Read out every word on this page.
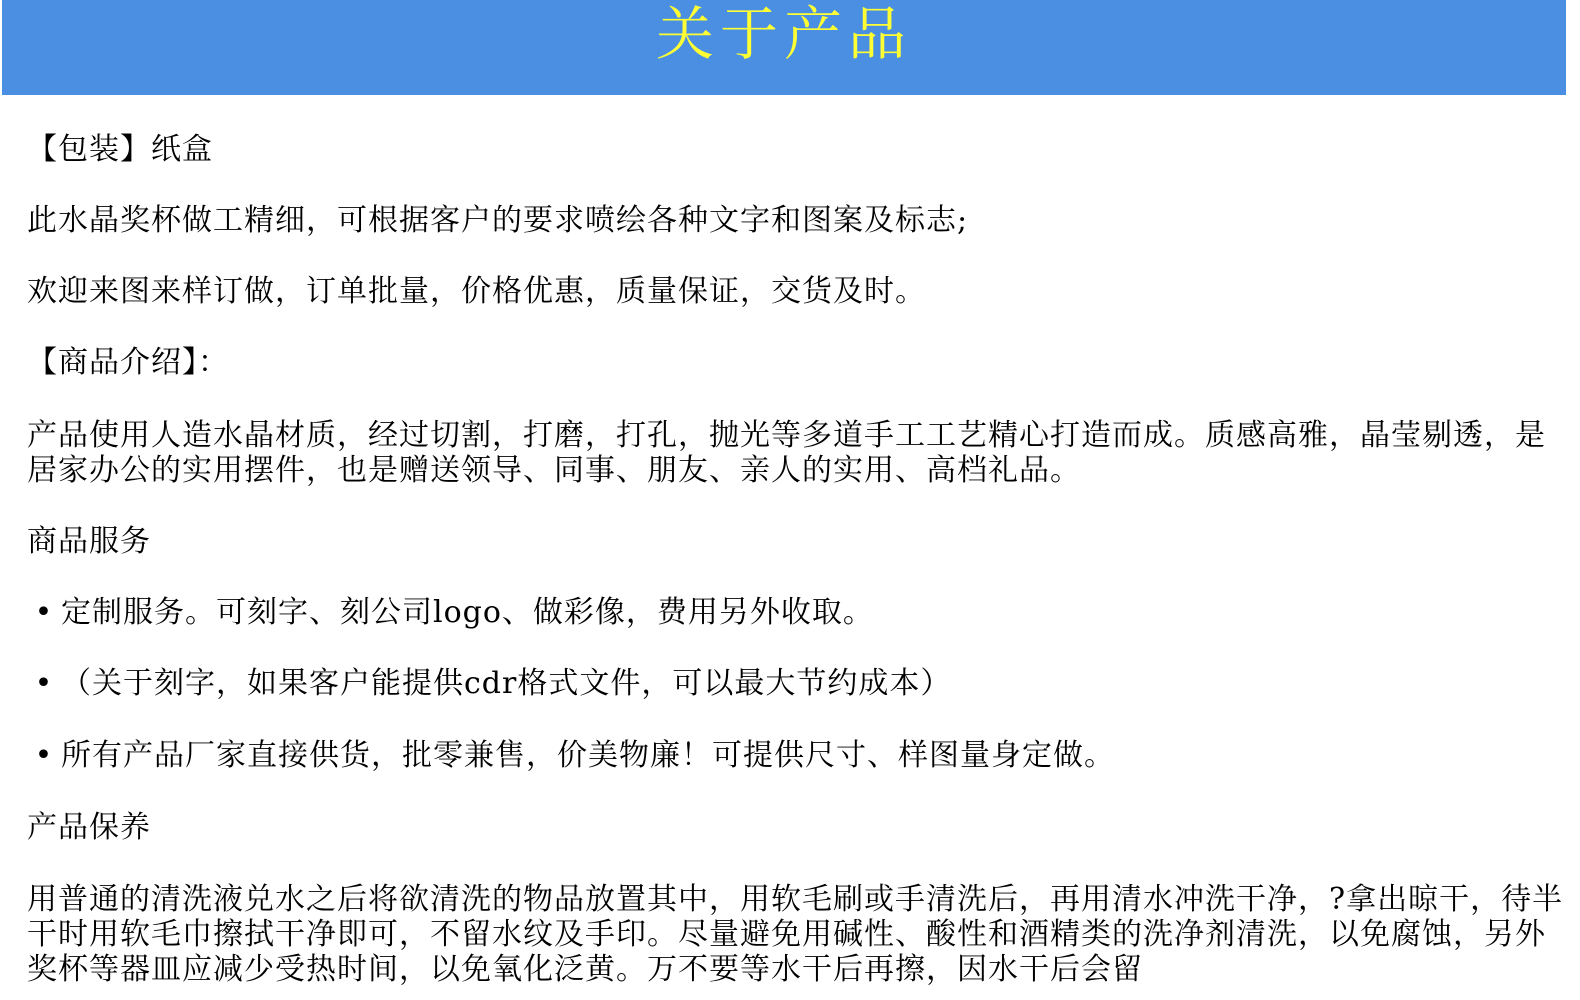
关于产品
【包装】纸盒
此水晶奖杯做工精细，可根据客户的要求喷绘各种文字和图案及标志;
欢迎来图来样订做，订单批量，价格优惠，质量保证，交货及时。
【商品介绍】：
产品使用人造水晶材质，经过切割，打磨，打孔，抛光等多道手工工艺精心打造而成。质感高雅，晶莹剔透，是居家办公的实用摆件，也是赠送领导、同事、朋友、亲人的实用、高档礼品。
商品服务
• 定制服务。可刻字、刻公司logo、做彩像，费用另外收取。
• （关于刻字，如果客户能提供cdr格式文件，可以最大节约成本）
• 所有产品厂家直接供货，批零兼售，价美物廉！可提供尺寸、样图量身定做。
产品保养
用普通的清洗液兑水之后将欲清洗的物品放置其中，用软毛刷或手清洗后，再用清水冲洗干净，?拿出晾干，待半干时用软毛巾擦拭干净即可，不留水纹及手印。尽量避免用碱性、酸性和酒精类的洗净剂清洗，以免腐蚀，另外奖杯等器皿应减少受热时间，以免氧化泛黄。万不要等水干后再擦，因水干后会留
